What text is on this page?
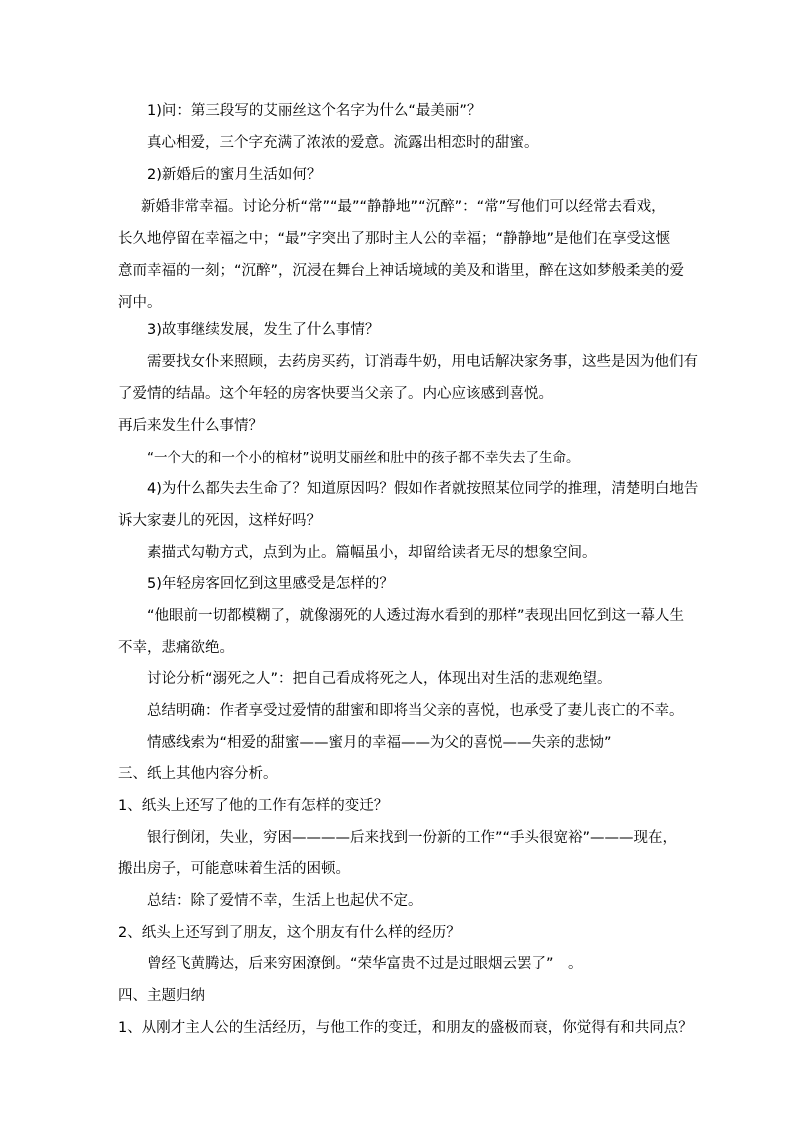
1)问：第三段写的艾丽丝这个名字为什么“最美丽”？
真心相爱，三个字充满了浓浓的爱意。流露出相恋时的甜蜜。
2)新婚后的蜜月生活如何？
新婚非常幸福。讨论分析“常”“最”“静静地”“沉醉”：“常”写他们可以经常去看戏，
长久地停留在幸福之中；“最”字突出了那时主人公的幸福；“静静地”是他们在享受这惬
意而幸福的一刻；“沉醉”，沉浸在舞台上神话境域的美及和谐里，醉在这如梦般柔美的爱
河中。
3)故事继续发展，发生了什么事情？
需要找女仆来照顾，去药房买药，订消毒牛奶，用电话解决家务事，这些是因为他们有
了爱情的结晶。这个年轻的房客快要当父亲了。内心应该感到喜悦。
再后来发生什么事情？
“一个大的和一个小的棺材”说明艾丽丝和肚中的孩子都不幸失去了生命。
4)为什么都失去生命了？知道原因吗？假如作者就按照某位同学的推理，清楚明白地告
诉大家妻儿的死因，这样好吗？
素描式勾勒方式，点到为止。篇幅虽小，却留给读者无尽的想象空间。
5)年轻房客回忆到这里感受是怎样的？
“他眼前一切都模糊了，就像溺死的人透过海水看到的那样”表现出回忆到这一幕人生
不幸，悲痛欲绝。
讨论分析“溺死之人”：把自己看成将死之人，体现出对生活的悲观绝望。
总结明确：作者享受过爱情的甜蜜和即将当父亲的喜悦，也承受了妻儿丧亡的不幸。
情感线索为“相爱的甜蜜——蜜月的幸福——为父的喜悦——失亲的悲恸”
三、纸上其他内容分析。
1、纸头上还写了他的工作有怎样的变迁？
银行倒闭，失业，穷困————后来找到一份新的工作”“手头很宽裕”———现在，
搬出房子，可能意味着生活的困顿。
总结：除了爱情不幸，生活上也起伏不定。
2、纸头上还写到了朋友，这个朋友有什么样的经历？
曾经飞黄腾达，后来穷困潦倒。“荣华富贵不过是过眼烟云罢了”　。
四、主题归纳
1、从刚才主人公的生活经历，与他工作的变迁，和朋友的盛极而衰，你觉得有和共同点？
